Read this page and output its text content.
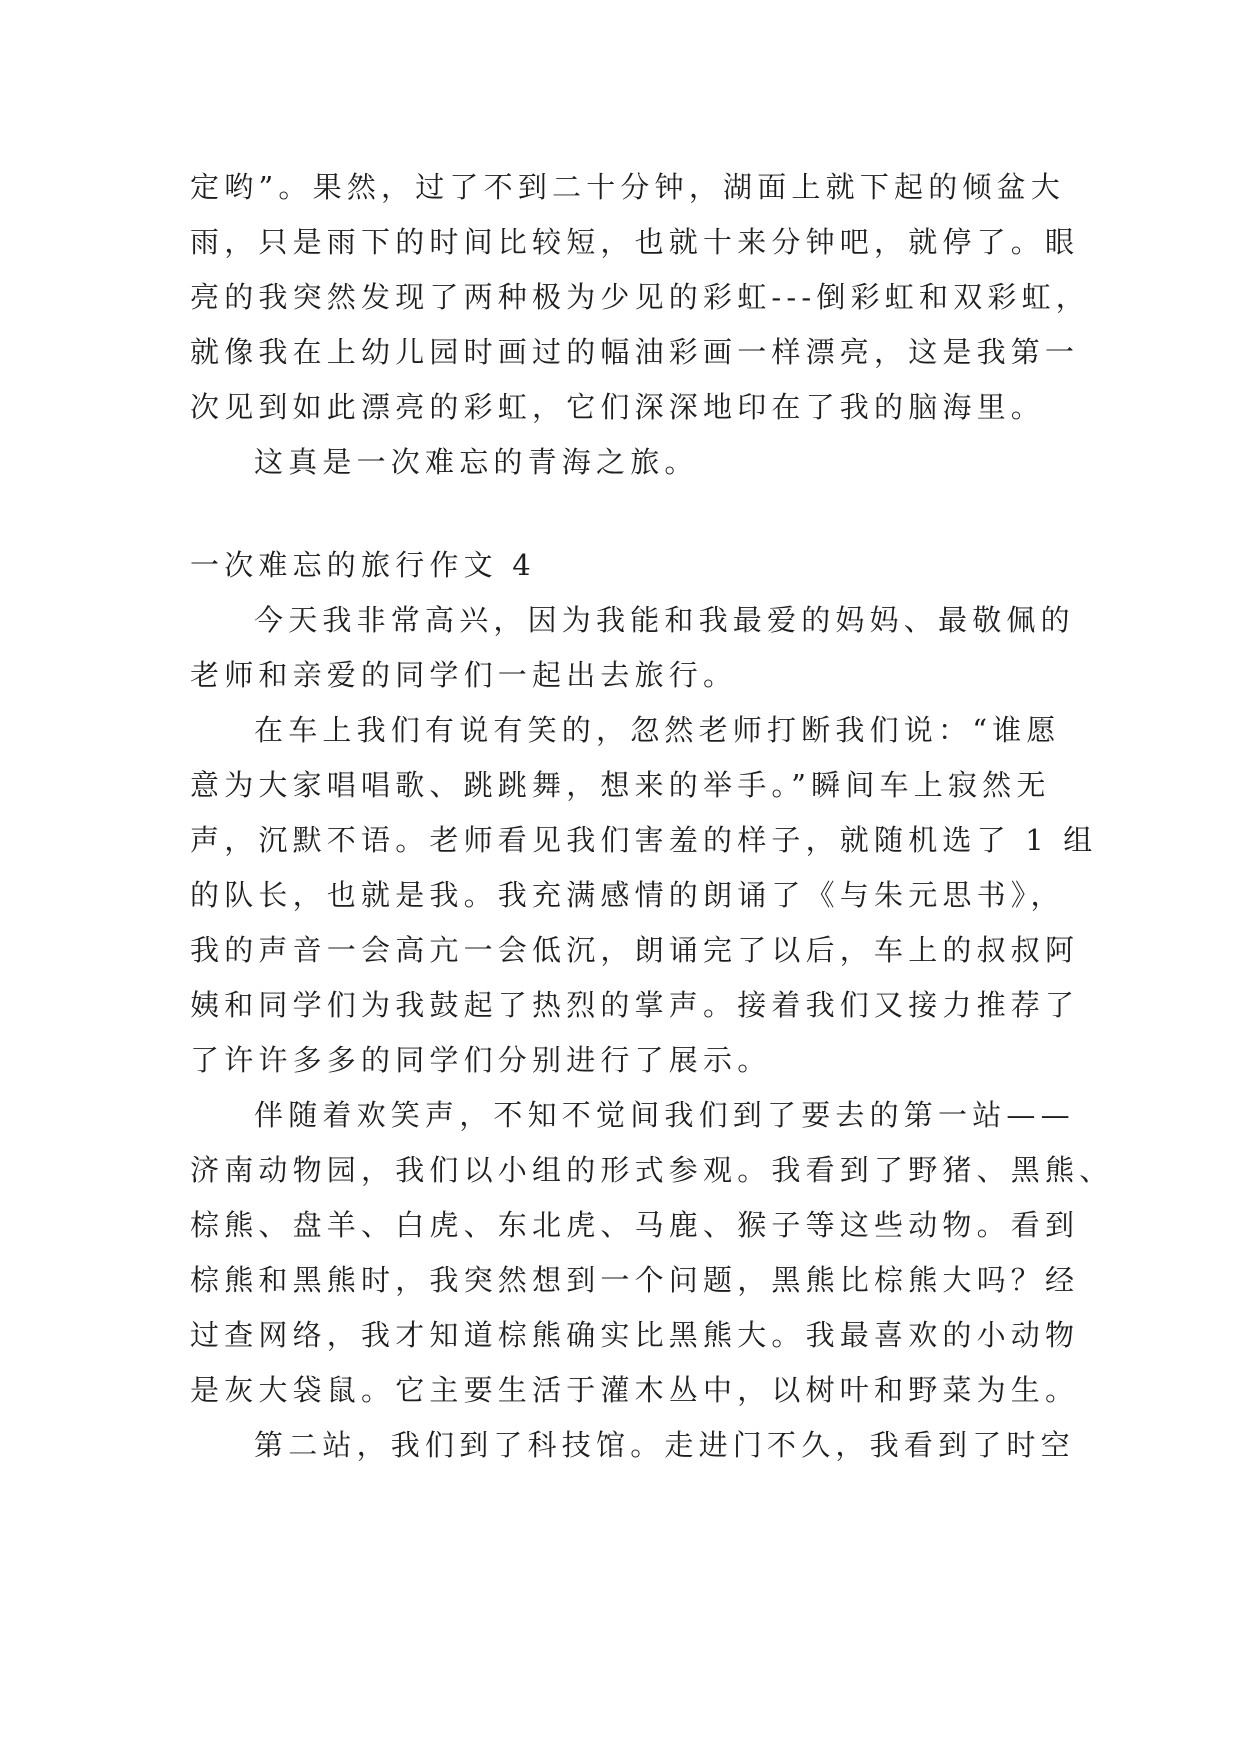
定哟”。果然，过了不到二十分钟，湖面上就下起的倾盆大
雨，只是雨下的时间比较短，也就十来分钟吧，就停了。眼
亮的我突然发现了两种极为少见的彩虹---倒彩虹和双彩虹，
就像我在上幼儿园时画过的幅油彩画一样漂亮，这是我第一
次见到如此漂亮的彩虹，它们深深地印在了我的脑海里。
这真是一次难忘的青海之旅。
一次难忘的旅行作文 4
今天我非常高兴，因为我能和我最爱的妈妈、最敬佩的
老师和亲爱的同学们一起出去旅行。
在车上我们有说有笑的，忽然老师打断我们说：“谁愿
意为大家唱唱歌、跳跳舞，想来的举手。”瞬间车上寂然无
声，沉默不语。老师看见我们害羞的样子，就随机选了 1 组
的队长，也就是我。我充满感情的朗诵了《与朱元思书》，
我的声音一会高亢一会低沉，朗诵完了以后，车上的叔叔阿
姨和同学们为我鼓起了热烈的掌声。接着我们又接力推荐了
了许许多多的同学们分别进行了展示。
伴随着欢笑声，不知不觉间我们到了要去的第一站——
济南动物园，我们以小组的形式参观。我看到了野猪、黑熊、
棕熊、盘羊、白虎、东北虎、马鹿、猴子等这些动物。看到
棕熊和黑熊时，我突然想到一个问题，黑熊比棕熊大吗？经
过查网络，我才知道棕熊确实比黑熊大。我最喜欢的小动物
是灰大袋鼠。它主要生活于灌木丛中，以树叶和野菜为生。
第二站，我们到了科技馆。走进门不久，我看到了时空
